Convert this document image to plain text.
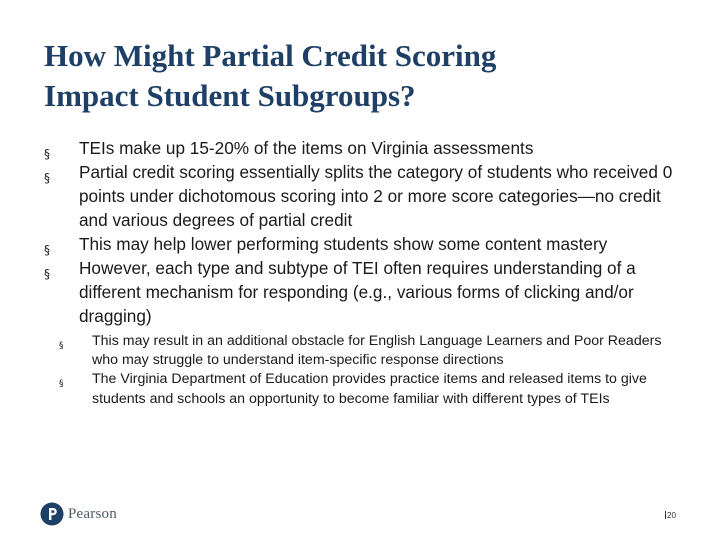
How Might Partial Credit Scoring
Impact Student Subgroups?
§ TEIs make up 15-20% of the items on Virginia assessments
§ Partial credit scoring essentially splits the category of students who received 0 points under dichotomous scoring into 2 or more score categories—no credit and various degrees of partial credit
§ This may help lower performing students show some content mastery
§ However, each type and subtype of TEI often requires understanding of a different mechanism for responding (e.g., various forms of clicking and/or dragging)
§ This may result in an additional obstacle for English Language Learners and Poor Readers who may struggle to understand item-specific response directions
§ The Virginia Department of Education provides practice items and released items to give students and schools an opportunity to become familiar with different types of TEIs
Pearson	20
